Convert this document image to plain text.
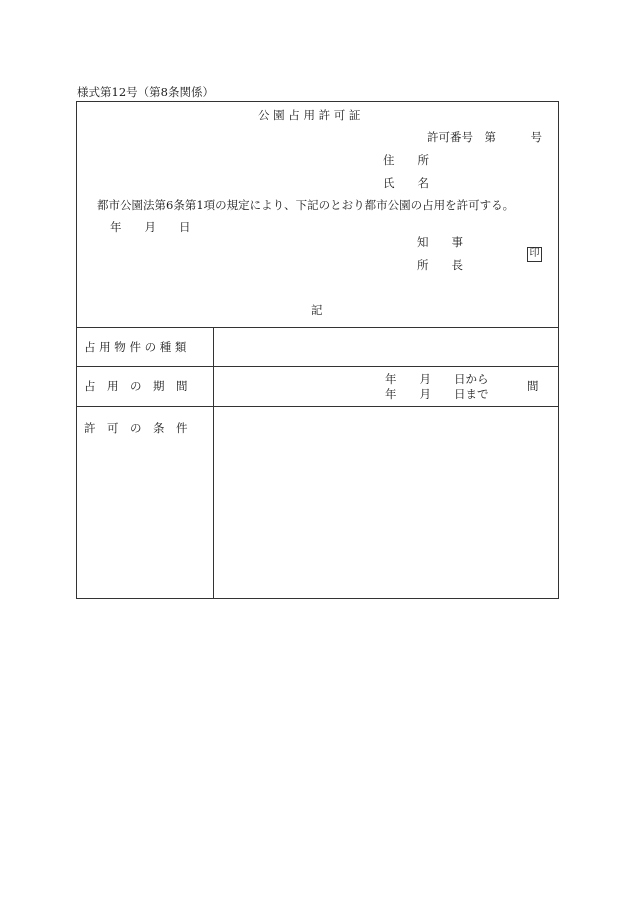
様式第12号（第8条関係）
公 園 占 用 許 可 証
許可番号　第　　　号
住　　所
氏　　名
都市公園法第6条第1項の規定により、下記のとおり都市公園の占用を許可する。
年　　月　　日
知　　事
所　　長
印
記
占 用 物 件 の 種 類
占　用　の　期　間	年　　月　　日から
年　　月　　日まで
間
許　可　の　条　件
